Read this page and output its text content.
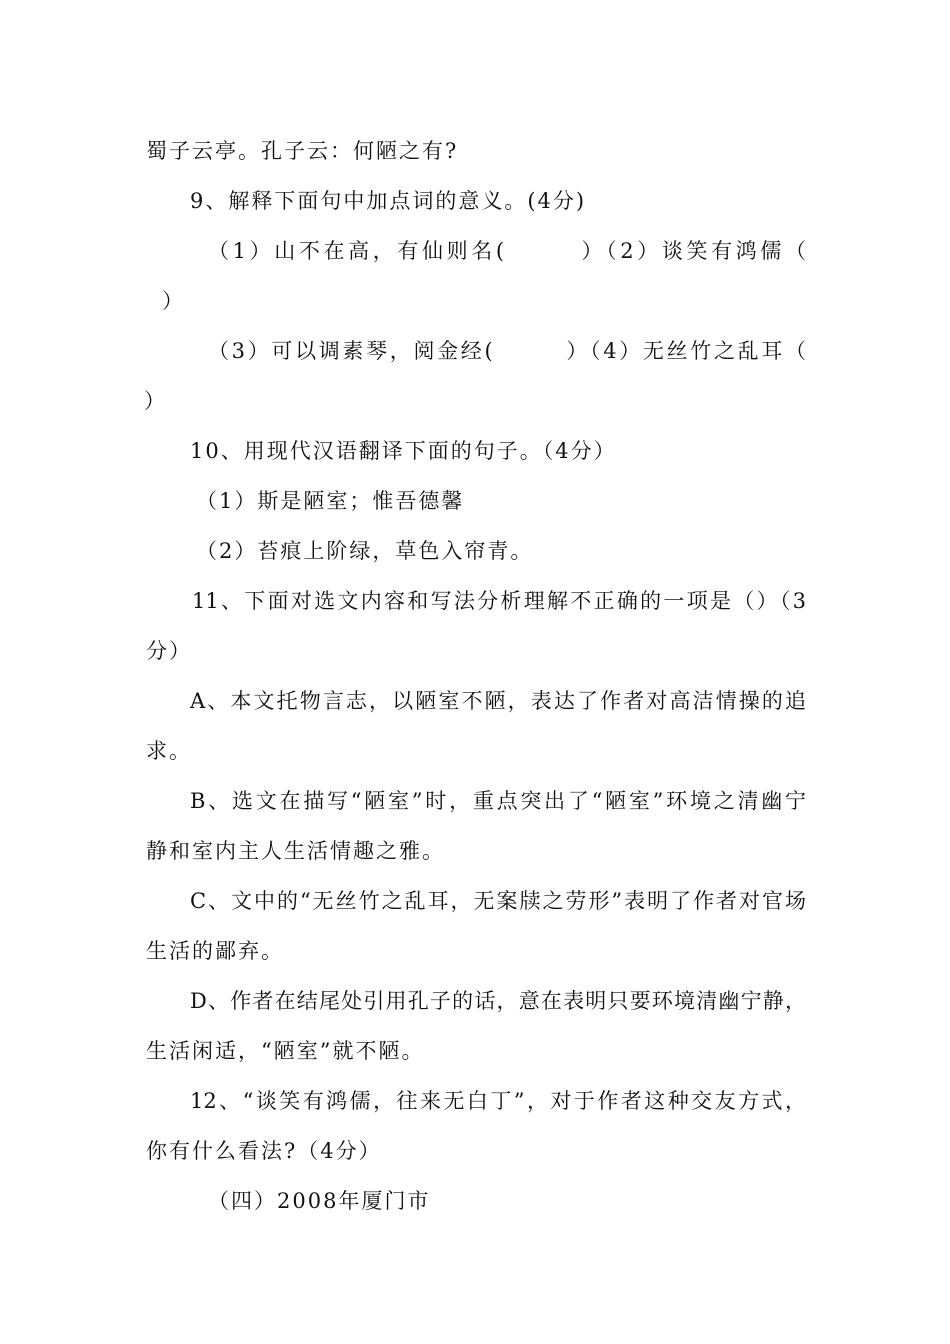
蜀子云亭。孔子云：何陋之有?
9、解释下面句中加点词的意义。(4分)
（1）山不在高，有仙则名(　　　）（2）谈笑有鸿儒（
）
（3）可以调素琴，阅金经(　　　）（4）无丝竹之乱耳（
）
10、用现代汉语翻译下面的句子。（4分）
（1）斯是陋室；惟吾德馨
（2）苔痕上阶绿，草色入帘青。
11、下面对选文内容和写法分析理解不正确的一项是（）（3
分）
A、本文托物言志，以陋室不陋，表达了作者对高洁情操的追
求。
B、选文在描写“陋室”时，重点突出了“陋室”环境之清幽宁
静和室内主人生活情趣之雅。
C、文中的“无丝竹之乱耳，无案牍之劳形”表明了作者对官场
生活的鄙弃。
D、作者在结尾处引用孔子的话，意在表明只要环境清幽宁静，
生活闲适，“陋室”就不陋。
12、“谈笑有鸿儒，往来无白丁”，对于作者这种交友方式，
你有什么看法?（4分）
（四）2008年厦门市
